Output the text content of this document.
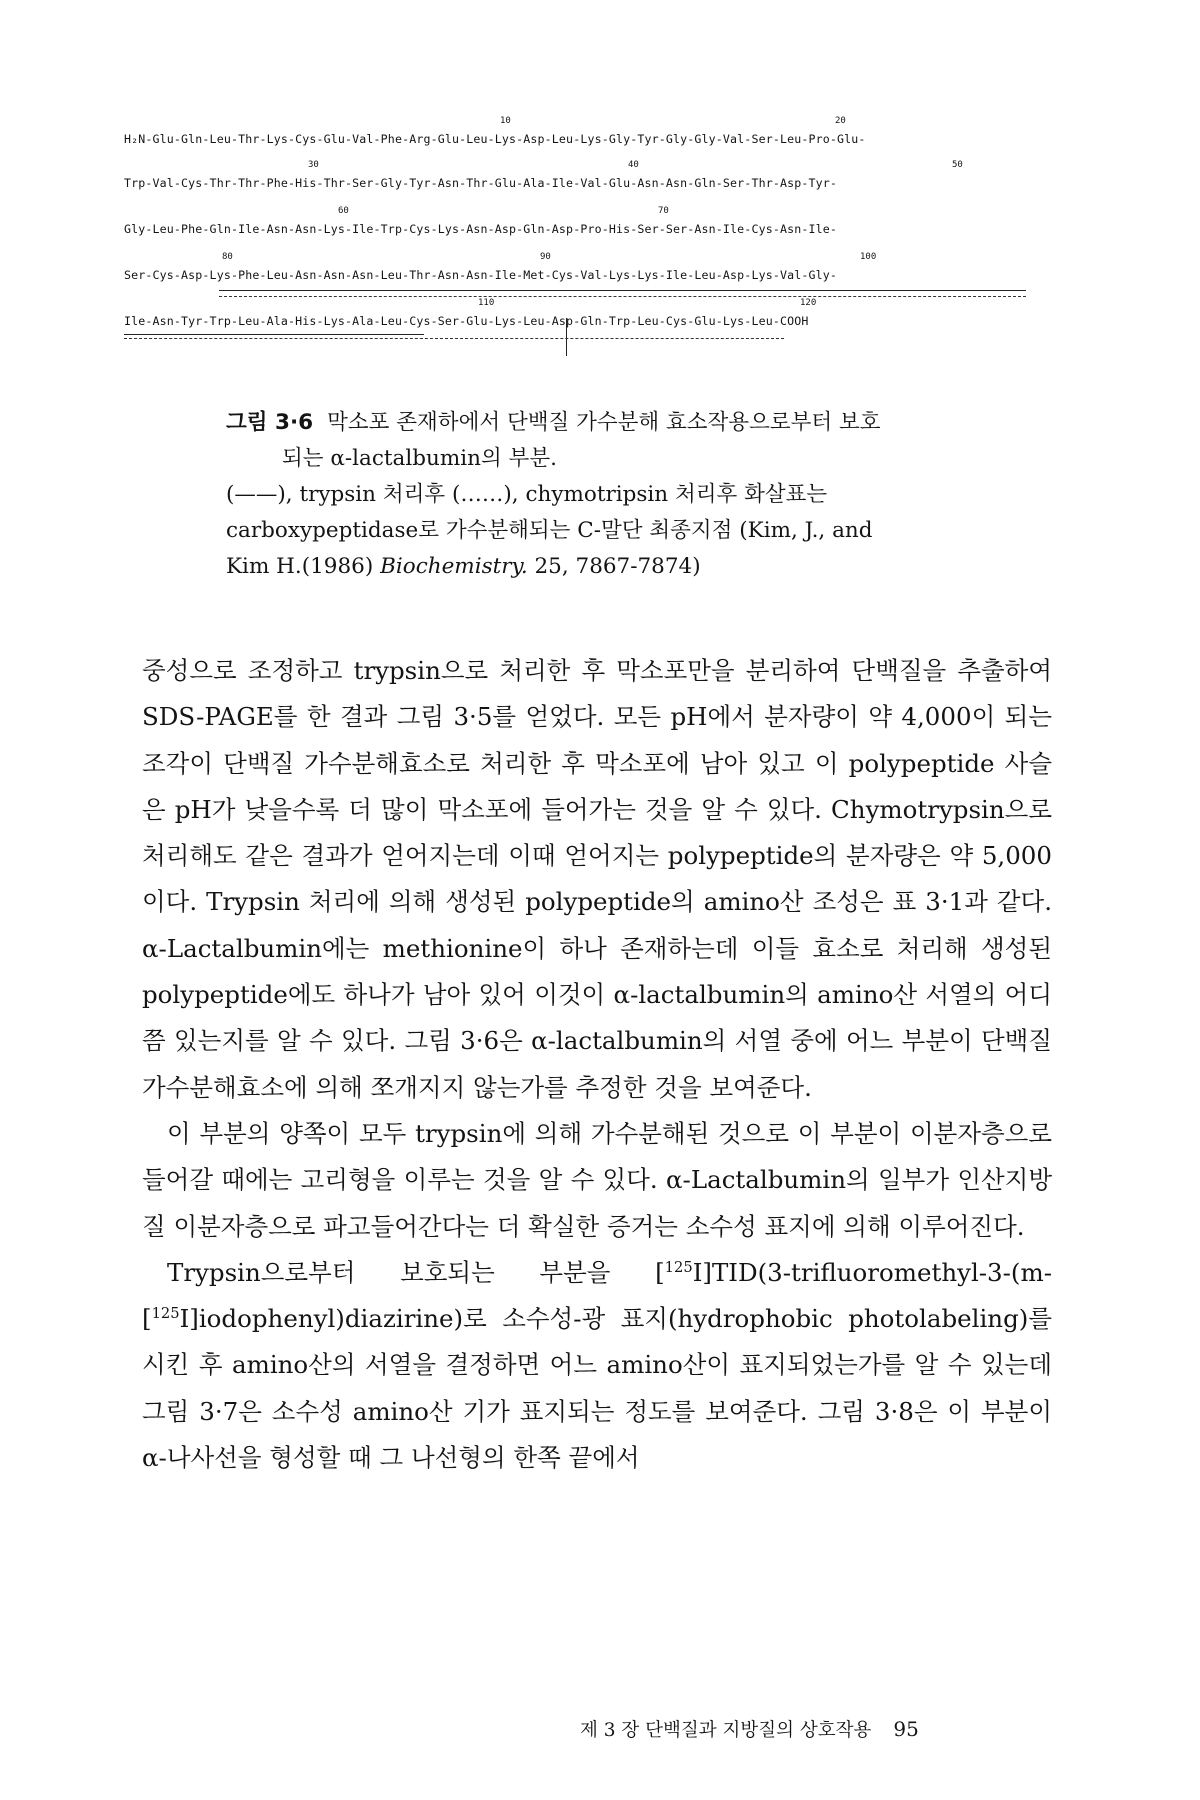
10	20
H₂N-Glu-Gln-Leu-Thr-Lys-Cys-Glu-Val-Phe-Arg-Glu-Leu-Lys-Asp-Leu-Lys-Gly-Tyr-Gly-Gly-Val-Ser-Leu-Pro-Glu-
30	40	50
Trp-Val-Cys-Thr-Thr-Phe-His-Thr-Ser-Gly-Tyr-Asn-Thr-Glu-Ala-Ile-Val-Glu-Asn-Asn-Gln-Ser-Thr-Asp-Tyr-
60	70
Gly-Leu-Phe-Gln-Ile-Asn-Asn-Lys-Ile-Trp-Cys-Lys-Asn-Asp-Gln-Asp-Pro-His-Ser-Ser-Asn-Ile-Cys-Asn-Ile-
80	90	100
Ser-Cys-Asp-Lys-Phe-Leu-Asn-Asn-Asn-Leu-Thr-Asn-Asn-Ile-Met-Cys-Val-Lys-Lys-Ile-Leu-Asp-Lys-Val-Gly-
110	120
Ile-Asn-Tyr-Trp-Leu-Ala-His-Lys-Ala-Leu-Cys-Ser-Glu-Lys-Leu-Asp-Gln-Trp-Leu-Cys-Glu-Lys-Leu-COOH
그림 3·6 막소포 존재하에서 단백질 가수분해 효소작용으로부터 보호
되는 α-lactalbumin의 부분.
(——), trypsin 처리후 (……), chymotripsin 처리후 화살표는
carboxypeptidase로 가수분해되는 C-말단 최종지점 (Kim, J., and
Kim H.(1986) Biochemistry. 25, 7867-7874)

중성으로 조정하고 trypsin으로 처리한 후 막소포만을 분리하여 단백질을 추출하여 SDS-PAGE를 한 결과 그림 3·5를 얻었다. 모든 pH에서 분자량이 약 4,000이 되는 조각이 단백질 가수분해효소로 처리한 후 막소포에 남아 있고 이 polypeptide 사슬은 pH가 낮을수록 더 많이 막소포에 들어가는 것을 알 수 있다. Chymotrypsin으로 처리해도 같은 결과가 얻어지는데 이때 얻어지는 polypeptide의 분자량은 약 5,000이다. Trypsin 처리에 의해 생성된 polypeptide의 amino산 조성은 표 3·1과 같다. α-Lactalbumin에는 methionine이 하나 존재하는데 이들 효소로 처리해 생성된 polypeptide에도 하나가 남아 있어 이것이 α-lactalbumin의 amino산 서열의 어디쯤 있는지를 알 수 있다. 그림 3·6은 α-lactalbumin의 서열 중에 어느 부분이 단백질 가수분해효소에 의해 쪼개지지 않는가를 추정한 것을 보여준다.

이 부분의 양쪽이 모두 trypsin에 의해 가수분해된 것으로 이 부분이 이분자층으로 들어갈 때에는 고리형을 이루는 것을 알 수 있다. α-Lactalbumin의 일부가 인산지방질 이분자층으로 파고들어간다는 더 확실한 증거는 소수성 표지에 의해 이루어진다.

Trypsin으로부터 보호되는 부분을 [$^{125}$I]TID(3-trifluoromethyl-3-(m-[$^{125}$I]iodophenyl)diazirine)로 소수성-광 표지(hydrophobic photolabeling)를 시킨 후 amino산의 서열을 결정하면 어느 amino산이 표지되었는가를 알 수 있는데 그림 3·7은 소수성 amino산 기가 표지되는 정도를 보여준다. 그림 3·8은 이 부분이 α-나사선을 형성할 때 그 나선형의 한쪽 끝에서

제 3 장 단백질과 지방질의 상호작용 95
